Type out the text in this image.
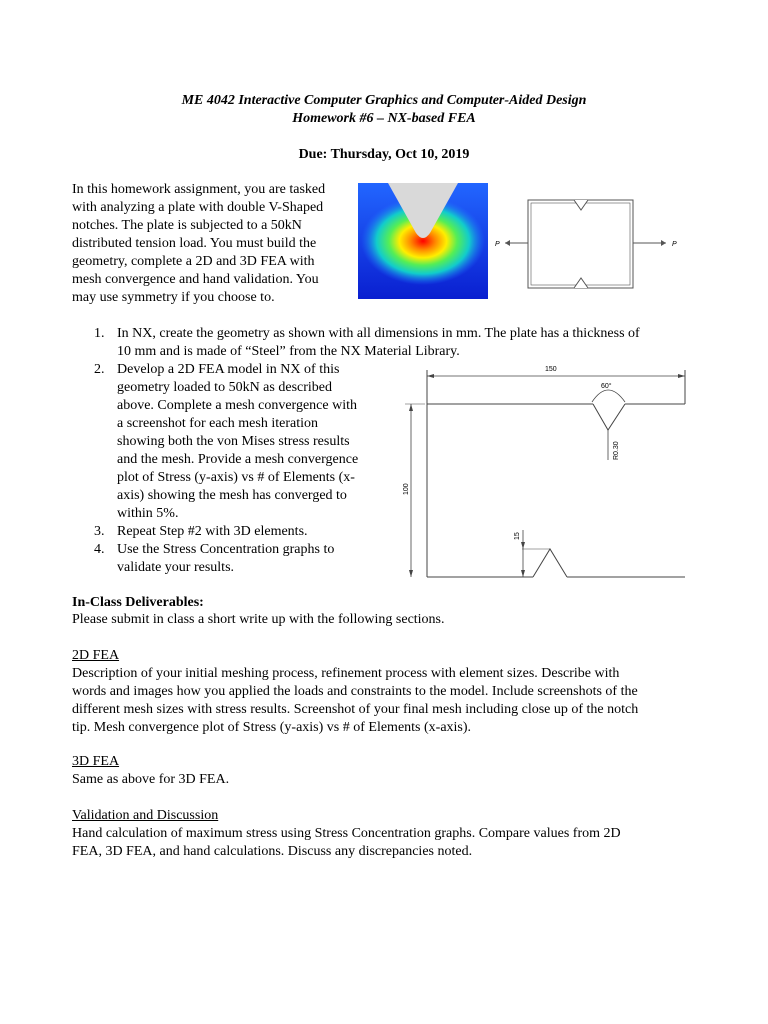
ME 4042 Interactive Computer Graphics and Computer-Aided Design
Homework #6 – NX-based FEA
Due: Thursday, Oct 10, 2019
In this homework assignment, you are tasked
with analyzing a plate with double V-Shaped
notches. The plate is subjected to a 50kN
distributed tension load. You must build the
geometry, complete a 2D and 3D FEA with
mesh convergence and hand validation. You
may use symmetry if you choose to.
P	P
1. In NX, create the geometry as shown with all dimensions in mm. The plate has a thickness of
10 mm and is made of “Steel” from the NX Material Library.
2. Develop a 2D FEA model in NX of this
geometry loaded to 50kN as described
above. Complete a mesh convergence with
a screenshot for each mesh iteration
showing both the von Mises stress results
and the mesh. Provide a mesh convergence
plot of Stress (y-axis) vs # of Elements (x-
axis) showing the mesh has converged to
within 5%.
3. Repeat Step #2 with 3D elements.
4. Use the Stress Concentration graphs to
validate your results.
150
60°
R0.30
100
15
In-Class Deliverables:
Please submit in class a short write up with the following sections.
2D FEA
Description of your initial meshing process, refinement process with element sizes. Describe with
words and images how you applied the loads and constraints to the model. Include screenshots of the
different mesh sizes with stress results. Screenshot of your final mesh including close up of the notch
tip. Mesh convergence plot of Stress (y-axis) vs # of Elements (x-axis).
3D FEA
Same as above for 3D FEA.
Validation and Discussion
Hand calculation of maximum stress using Stress Concentration graphs. Compare values from 2D
FEA, 3D FEA, and hand calculations. Discuss any discrepancies noted.
